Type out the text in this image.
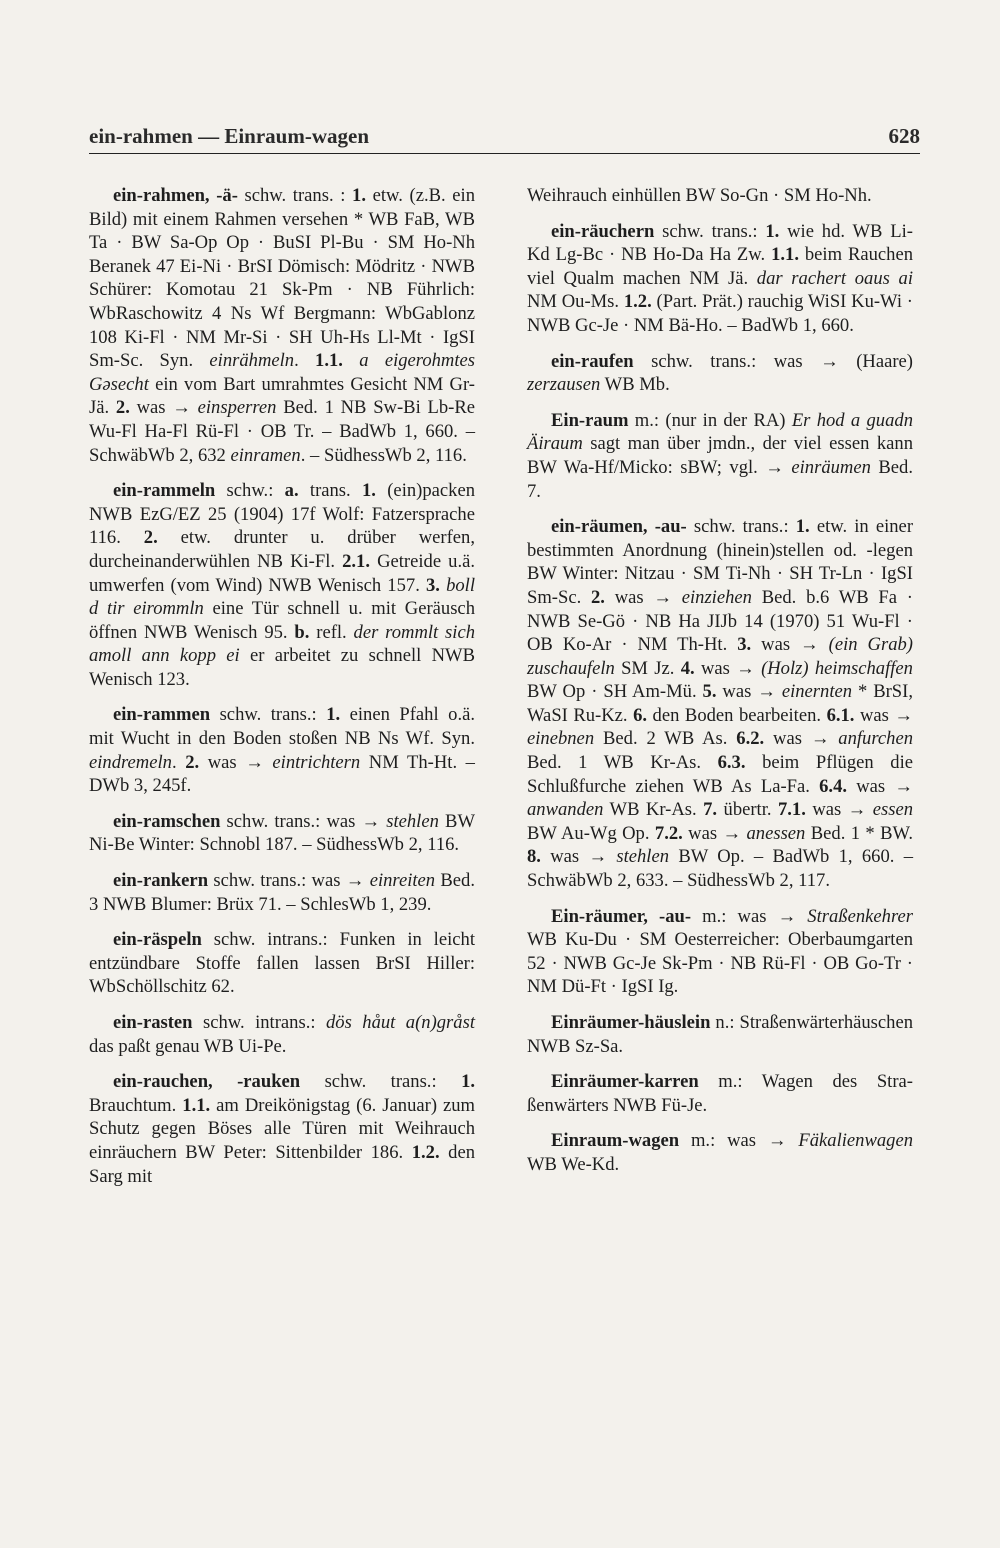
ein-rahmen — Einraum-wagen	628

ein-rahmen, -ä- schw. trans. : 1. etw. (z.B. ein Bild) mit einem Rahmen versehen * WB FaB, WB Ta · BW Sa-Op Op · BuSI Pl-Bu · SM Ho-Nh Beranek 47 Ei-Ni · BrSI Dömisch: Mödritz · NWB Schürer: Komotau 21 Sk-Pm · NB Führlich: WbRaschowitz 4 Ns Wf Bergmann: WbGablonz 108 Ki-Fl · NM Mr-Si · SH Uh-Hs Ll-Mt · IgSI Sm-Sc. Syn. einrähmeln. 1.1. a eigerohmtes Gəsecht ein vom Bart umrahmtes Gesicht NM Gr-Jä. 2. was → einsperren Bed. 1 NB Sw-Bi Lb-Re Wu-Fl Ha-Fl Rü-Fl · OB Tr. – BadWb 1, 660. – SchwäbWb 2, 632 einramen. – SüdhessWb 2, 116.

ein-rammeln schw.: a. trans. 1. (ein)packen NWB EzG/EZ 25 (1904) 17f Wolf: Fatzersprache 116. 2. etw. drunter u. drüber werfen, durcheinanderwühlen NB Ki-Fl. 2.1. Getreide u.ä. umwerfen (vom Wind) NWB Wenisch 157. 3. boll d tir eirommln eine Tür schnell u. mit Geräusch öffnen NWB Wenisch 95. b. refl. der rommlt sich amoll ann kopp ei er arbeitet zu schnell NWB Wenisch 123.

ein-rammen schw. trans.: 1. einen Pfahl o.ä. mit Wucht in den Boden stoßen NB Ns Wf. Syn. eindremeln. 2. was → eintrichtern NM Th-Ht. – DWb 3, 245f.

ein-ramschen schw. trans.: was → stehlen BW Ni-Be Winter: Schnobl 187. – SüdhessWb 2, 116.

ein-rankern schw. trans.: was → einreiten Bed. 3 NWB Blumer: Brüx 71. – SchlesWb 1, 239.

ein-räspeln schw. intrans.: Funken in leicht entzündbare Stoffe fallen lassen BrSI Hiller: WbSchöllschitz 62.

ein-rasten schw. intrans.: dös håut a(n)gråst das paßt genau WB Ui-Pe.

ein-rauchen, -rauken schw. trans.: 1. Brauchtum. 1.1. am Dreikönigstag (6. Januar) zum Schutz gegen Böses alle Türen mit Weihrauch einräuchern BW Peter: Sittenbilder 186. 1.2. den Sarg mit

Weihrauch einhüllen BW So-Gn · SM Ho-Nh.

ein-räuchern schw. trans.: 1. wie hd. WB Li-Kd Lg-Bc · NB Ho-Da Ha Zw. 1.1. beim Rauchen viel Qualm machen NM Jä. dar rachert oaus ai NM Ou-Ms. 1.2. (Part. Prät.) rauchig WiSI Ku-Wi · NWB Gc-Je · NM Bä-Ho. – BadWb 1, 660.

ein-raufen schw. trans.: was → (Haare) zerzausen WB Mb.

Ein-raum m.: (nur in der RA) Er hod a guadn Äiraum sagt man über jmdn., der viel essen kann BW Wa-Hf/Micko: sBW; vgl. → einräumen Bed. 7.

ein-räumen, -au- schw. trans.: 1. etw. in einer bestimmten Anordnung (hinein)stellen od. -legen BW Winter: Nitzau · SM Ti-Nh · SH Tr-Ln · IgSI Sm-Sc. 2. was → einziehen Bed. b.6 WB Fa · NWB Se-Gö · NB Ha JIJb 14 (1970) 51 Wu-Fl · OB Ko-Ar · NM Th-Ht. 3. was → (ein Grab) zuschaufeln SM Jz. 4. was → (Holz) heimschaffen BW Op · SH Am-Mü. 5. was → einernten * BrSI, WaSI Ru-Kz. 6. den Boden bearbeiten. 6.1. was → einebnen Bed. 2 WB As. 6.2. was → anfurchen Bed. 1 WB Kr-As. 6.3. beim Pflügen die Schlußfurche ziehen WB As La-Fa. 6.4. was → anwanden WB Kr-As. 7. übertr. 7.1. was → essen BW Au-Wg Op. 7.2. was → anessen Bed. 1 * BW. 8. was → stehlen BW Op. – BadWb 1, 660. – SchwäbWb 2, 633. – SüdhessWb 2, 117.

Ein-räumer, -au- m.: was → Straßenkehrer WB Ku-Du · SM Oesterreicher: Oberbaumgarten 52 · NWB Gc-Je Sk-Pm · NB Rü-Fl · OB Go-Tr · NM Dü-Ft · IgSI Ig.

Einräumer-häuslein n.: Straßenwärterhäuschen NWB Sz-Sa.

Einräumer-karren m.: Wagen des Straßenwärters NWB Fü-Je.

Einraum-wagen m.: was → Fäkalienwagen WB We-Kd.
